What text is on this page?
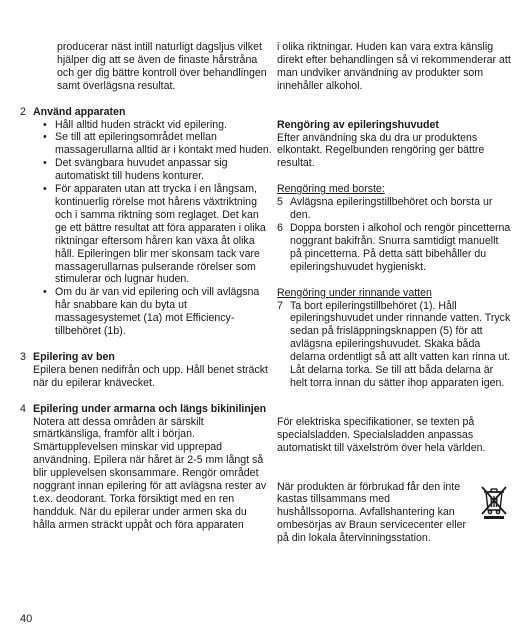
producerar näst intill naturligt dagsljus vilket hjälper dig att se även de finaste hårstråna och ger dig bättre kontroll över behandlingen samt överlägsna resultat.

2 Använd apparaten

• Håll alltid huden sträckt vid epilering.
• Se till att epileringsområdet mellan massagerullarna alltid är i kontakt med huden.
• Det svängbara huvudet anpassar sig automatiskt till hudens konturer.
• För apparaten utan att trycka i en långsam, kontinuerlig rörelse mot hårens växtriktning och i samma riktning som reglaget. Det kan ge ett bättre resultat att föra apparaten i olika riktningar eftersom håren kan växa åt olika håll. Epileringen blir mer skonsam tack vare massagerullarnas pulserande rörelser som stimulerar och lugnar huden.
• Om du är van vid epilering och vill avlägsna hår snabbare kan du byta ut massagesystemet (1a) mot Efficiency-tillbehöret (1b).
3 Epilering av ben

Epilera benen nedifrån och upp. Håll benet sträckt när du epilerar knävecket.

4 Epilering under armarna och längs bikinilinjen

Notera att dessa områden är särskilt smärtkänsliga, framför allt i början. Smärtupplevelsen minskar vid upprepad användning. Epilera när håret är 2-5 mm långt så blir upplevelsen skonsammare. Rengör området noggrant innan epilering för att avlägsna rester av t.ex. deodorant. Torka försiktigt med en ren handduk. När du epilerar under armen ska du hålla armen sträckt uppåt och föra apparaten

i olika riktningar. Huden kan vara extra känslig direkt efter behandlingen så vi rekommenderar att man undviker användning av produkter som innehåller alkohol.

Rengöring av epileringshuvudet

Efter användning ska du dra ur produktens elkontakt. Regelbunden rengöring ger bättre resultat.

Rengöring med borste:

5 Avlägsna epileringstillbehöret och borsta ur den.

6 Doppa borsten i alkohol och rengör pincetterna noggrant bakifrån. Snurra samtidigt manuellt på pincetterna. På detta sätt bibehåller du epileringshuvudet hygieniskt.

Rengöring under rinnande vatten

7 Ta bort epileringstillbehöret (1). Håll epileringshuvudet under rinnande vatten. Tryck sedan på frisläppningsknappen (5) för att avlägsna epileringshuvudet. Skaka båda delarna ordentligt så att allt vatten kan rinna ut. Låt delarna torka. Se till att båda delarna är helt torra innan du sätter ihop apparaten igen.

För elektriska specifikationer, se texten på specialsladden. Specialsladden anpassas automatiskt till växelström över hela världen.

När produkten är förbrukad får den inte kastas tillsammans med hushållssoporna. Avfallshantering kan ombesörjas av Braun servicecenter eller på din lokala återvinningsstation.

40
